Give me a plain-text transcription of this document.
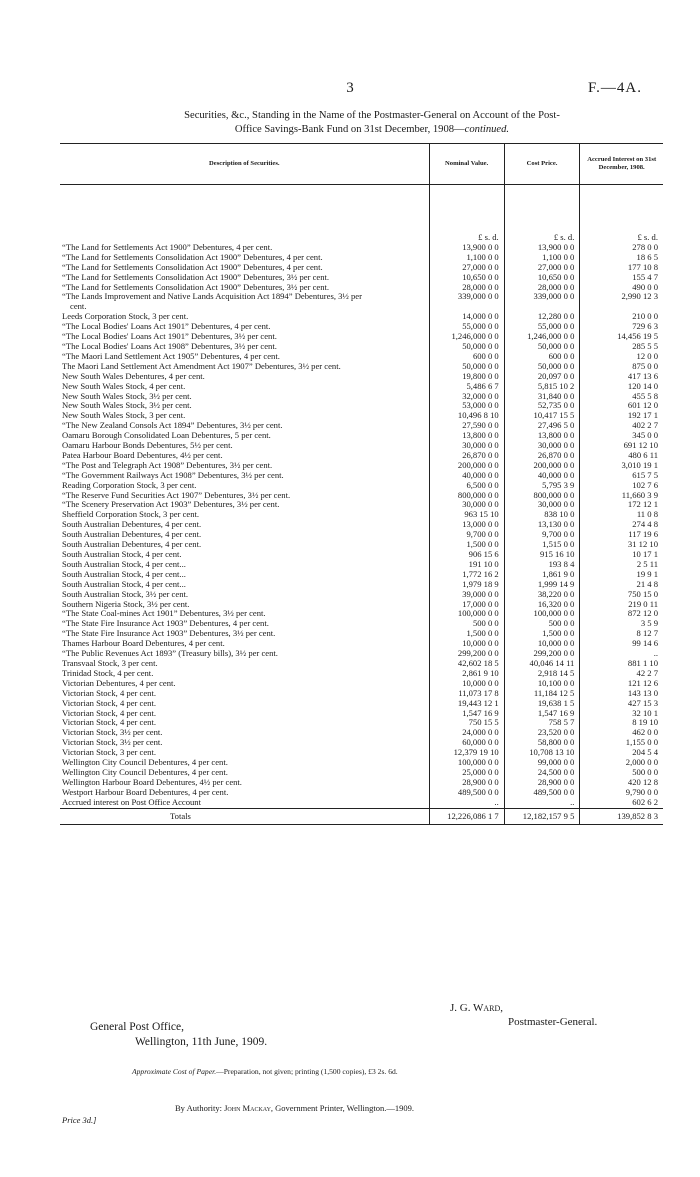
3	F.—4A.
Securities, &c., Standing in the Name of the Postmaster-General on Account of the Post-
Office Savings-Bank Fund on 31st December, 1908—continued.
Description of Securities.	Nominal Value.	Cost Price.	Accrued Interest on 31st December, 1908.
	£ s. d.	£ s. d.	£ s. d.

“The Land for Settlements Act 1900” Debentures, 4 per cent.	13,900 0 0	13,900 0 0	278 0 0

“The Land for Settlements Consolidation Act 1900” Debentures, 4 per cent.	1,100 0 0	1,100 0 0	18 6 5

“The Land for Settlements Consolidation Act 1900” Debentures, 4 per cent.	27,000 0 0	27,000 0 0	177 10 8

“The Land for Settlements Consolidation Act 1900” Debentures, 3½ per cent.	10,650 0 0	10,650 0 0	155 4 7

“The Land for Settlements Consolidation Act 1900” Debentures, 3½ per cent.	28,000 0 0	28,000 0 0	490 0 0

“The Lands Improvement and Native Lands Acquisition Act 1894” Debentures, 3½ per cent.	339,000 0 0	339,000 0 0	2,990 12 3

Leeds Corporation Stock, 3 per cent.	14,000 0 0	12,280 0 0	210 0 0

“The Local Bodies' Loans Act 1901” Debentures, 4 per cent.	55,000 0 0	55,000 0 0	729 6 3

“The Local Bodies' Loans Act 1901” Debentures, 3½ per cent.	1,246,000 0 0	1,246,000 0 0	14,456 19 5

“The Local Bodies' Loans Act 1908” Debentures, 3½ per cent.	50,000 0 0	50,000 0 0	285 5 5

“The Maori Land Settlement Act 1905” Debentures, 4 per cent.	600 0 0	600 0 0	12 0 0

The Maori Land Settlement Act Amendment Act 1907” Debentures, 3½ per cent.	50,000 0 0	50,000 0 0	875 0 0

New South Wales Debentures, 4 per cent.	19,800 0 0	20,097 0 0	417 13 6

New South Wales Stock, 4 per cent.	5,486 6 7	5,815 10 2	120 14 0

New South Wales Stock, 3½ per cent.	32,000 0 0	31,840 0 0	455 5 8

New South Wales Stock, 3½ per cent.	53,000 0 0	52,735 0 0	601 12 0

New South Wales Stock, 3 per cent.	10,496 8 10	10,417 15 5	192 17 1

“The New Zealand Consols Act 1894” Debentures, 3½ per cent.	27,590 0 0	27,496 5 0	402 2 7

Oamaru Borough Consolidated Loan Debentures, 5 per cent.	13,800 0 0	13,800 0 0	345 0 0

Oamaru Harbour Bonds Debentures, 5½ per cent.	30,000 0 0	30,000 0 0	691 12 10

Patea Harbour Board Debentures, 4½ per cent.	26,870 0 0	26,870 0 0	480 6 11

“The Post and Telegraph Act 1908” Debentures, 3½ per cent.	200,000 0 0	200,000 0 0	3,010 19 1

“The Government Railways Act 1908” Debentures, 3½ per cent.	40,000 0 0	40,000 0 0	615 7 5

Reading Corporation Stock, 3 per cent.	6,500 0 0	5,795 3 9	102 7 6

“The Reserve Fund Securities Act 1907” Debentures, 3½ per cent.	800,000 0 0	800,000 0 0	11,660 3 9

“The Scenery Preservation Act 1903” Debentures, 3½ per cent.	30,000 0 0	30,000 0 0	172 12 1

Sheffield Corporation Stock, 3 per cent.	963 15 10	838 10 0	11 0 8

South Australian Debentures, 4 per cent.	13,000 0 0	13,130 0 0	274 4 8

South Australian Debentures, 4 per cent.	9,700 0 0	9,700 0 0	117 19 6

South Australian Debentures, 4 per cent.	1,500 0 0	1,515 0 0	31 12 10

South Australian Stock, 4 per cent.	906 15 6	915 16 10	10 17 1

South Australian Stock, 4 per cent...	191 10 0	193 8 4	2 5 11

South Australian Stock, 4 per cent...	1,772 16 2	1,861 9 0	19 9 1

South Australian Stock, 4 per cent...	1,979 18 9	1,999 14 9	21 4 8

South Australian Stock, 3½ per cent.	39,000 0 0	38,220 0 0	750 15 0

Southern Nigeria Stock, 3½ per cent.	17,000 0 0	16,320 0 0	219 0 11

“The State Coal-mines Act 1901” Debentures, 3½ per cent.	100,000 0 0	100,000 0 0	872 12 0

“The State Fire Insurance Act 1903” Debentures, 4 per cent.	500 0 0	500 0 0	3 5 9

“The State Fire Insurance Act 1903” Debentures, 3½ per cent.	1,500 0 0	1,500 0 0	8 12 7

Thames Harbour Board Debentures, 4 per cent.	10,000 0 0	10,000 0 0	99 14 6

“The Public Revenues Act 1893” (Treasury bills), 3½ per cent.	299,200 0 0	299,200 0 0	..

Transvaal Stock, 3 per cent.	42,602 18 5	40,046 14 11	881 1 10

Trinidad Stock, 4 per cent.	2,861 9 10	2,918 14 5	42 2 7

Victorian Debentures, 4 per cent.	10,000 0 0	10,100 0 0	121 12 6

Victorian Stock, 4 per cent.	11,073 17 8	11,184 12 5	143 13 0

Victorian Stock, 4 per cent.	19,443 12 1	19,638 1 5	427 15 3

Victorian Stock, 4 per cent.	1,547 16 9	1,547 16 9	32 10 1

Victorian Stock, 4 per cent.	750 15 5	758 5 7	8 19 10

Victorian Stock, 3½ per cent.	24,000 0 0	23,520 0 0	462 0 0

Victorian Stock, 3½ per cent.	60,000 0 0	58,800 0 0	1,155 0 0

Victorian Stock, 3 per cent.	12,379 19 10	10,708 13 10	204 5 4

Wellington City Council Debentures, 4 per cent.	100,000 0 0	99,000 0 0	2,000 0 0

Wellington City Council Debentures, 4 per cent.	25,000 0 0	24,500 0 0	500 0 0

Wellington Harbour Board Debentures, 4½ per cent.	28,900 0 0	28,900 0 0	420 12 8

Westport Harbour Board Debentures, 4 per cent.	489,500 0 0	489,500 0 0	9,790 0 0

Accrued interest on Post Office Account	..	..	602 6 2
Totals	12,226,086 1 7	12,182,157 9 5	139,852 8 3
J. G. Ward,
Postmaster-General.
General Post Office,
Wellington, 11th June, 1909.
Approximate Cost of Paper.—Preparation, not given; printing (1,500 copies), £3 2s. 6d.
By Authority: John Mackay, Government Printer, Wellington.—1909.
Price 3d.]
